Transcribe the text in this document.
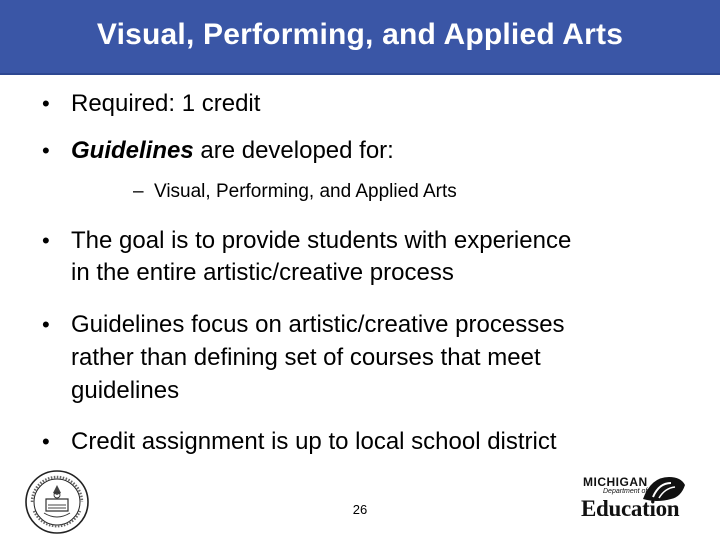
Visual, Performing, and Applied Arts
• Required: 1 credit
• Guidelines are developed for:
– Visual, Performing, and Applied Arts
• The goal is to provide students with experience
in the entire artistic/creative process
• Guidelines focus on artistic/creative processes
rather than defining set of courses that meet
guidelines
• Credit assignment is up to local school district
26
MICHIGAN
Department of
Education
